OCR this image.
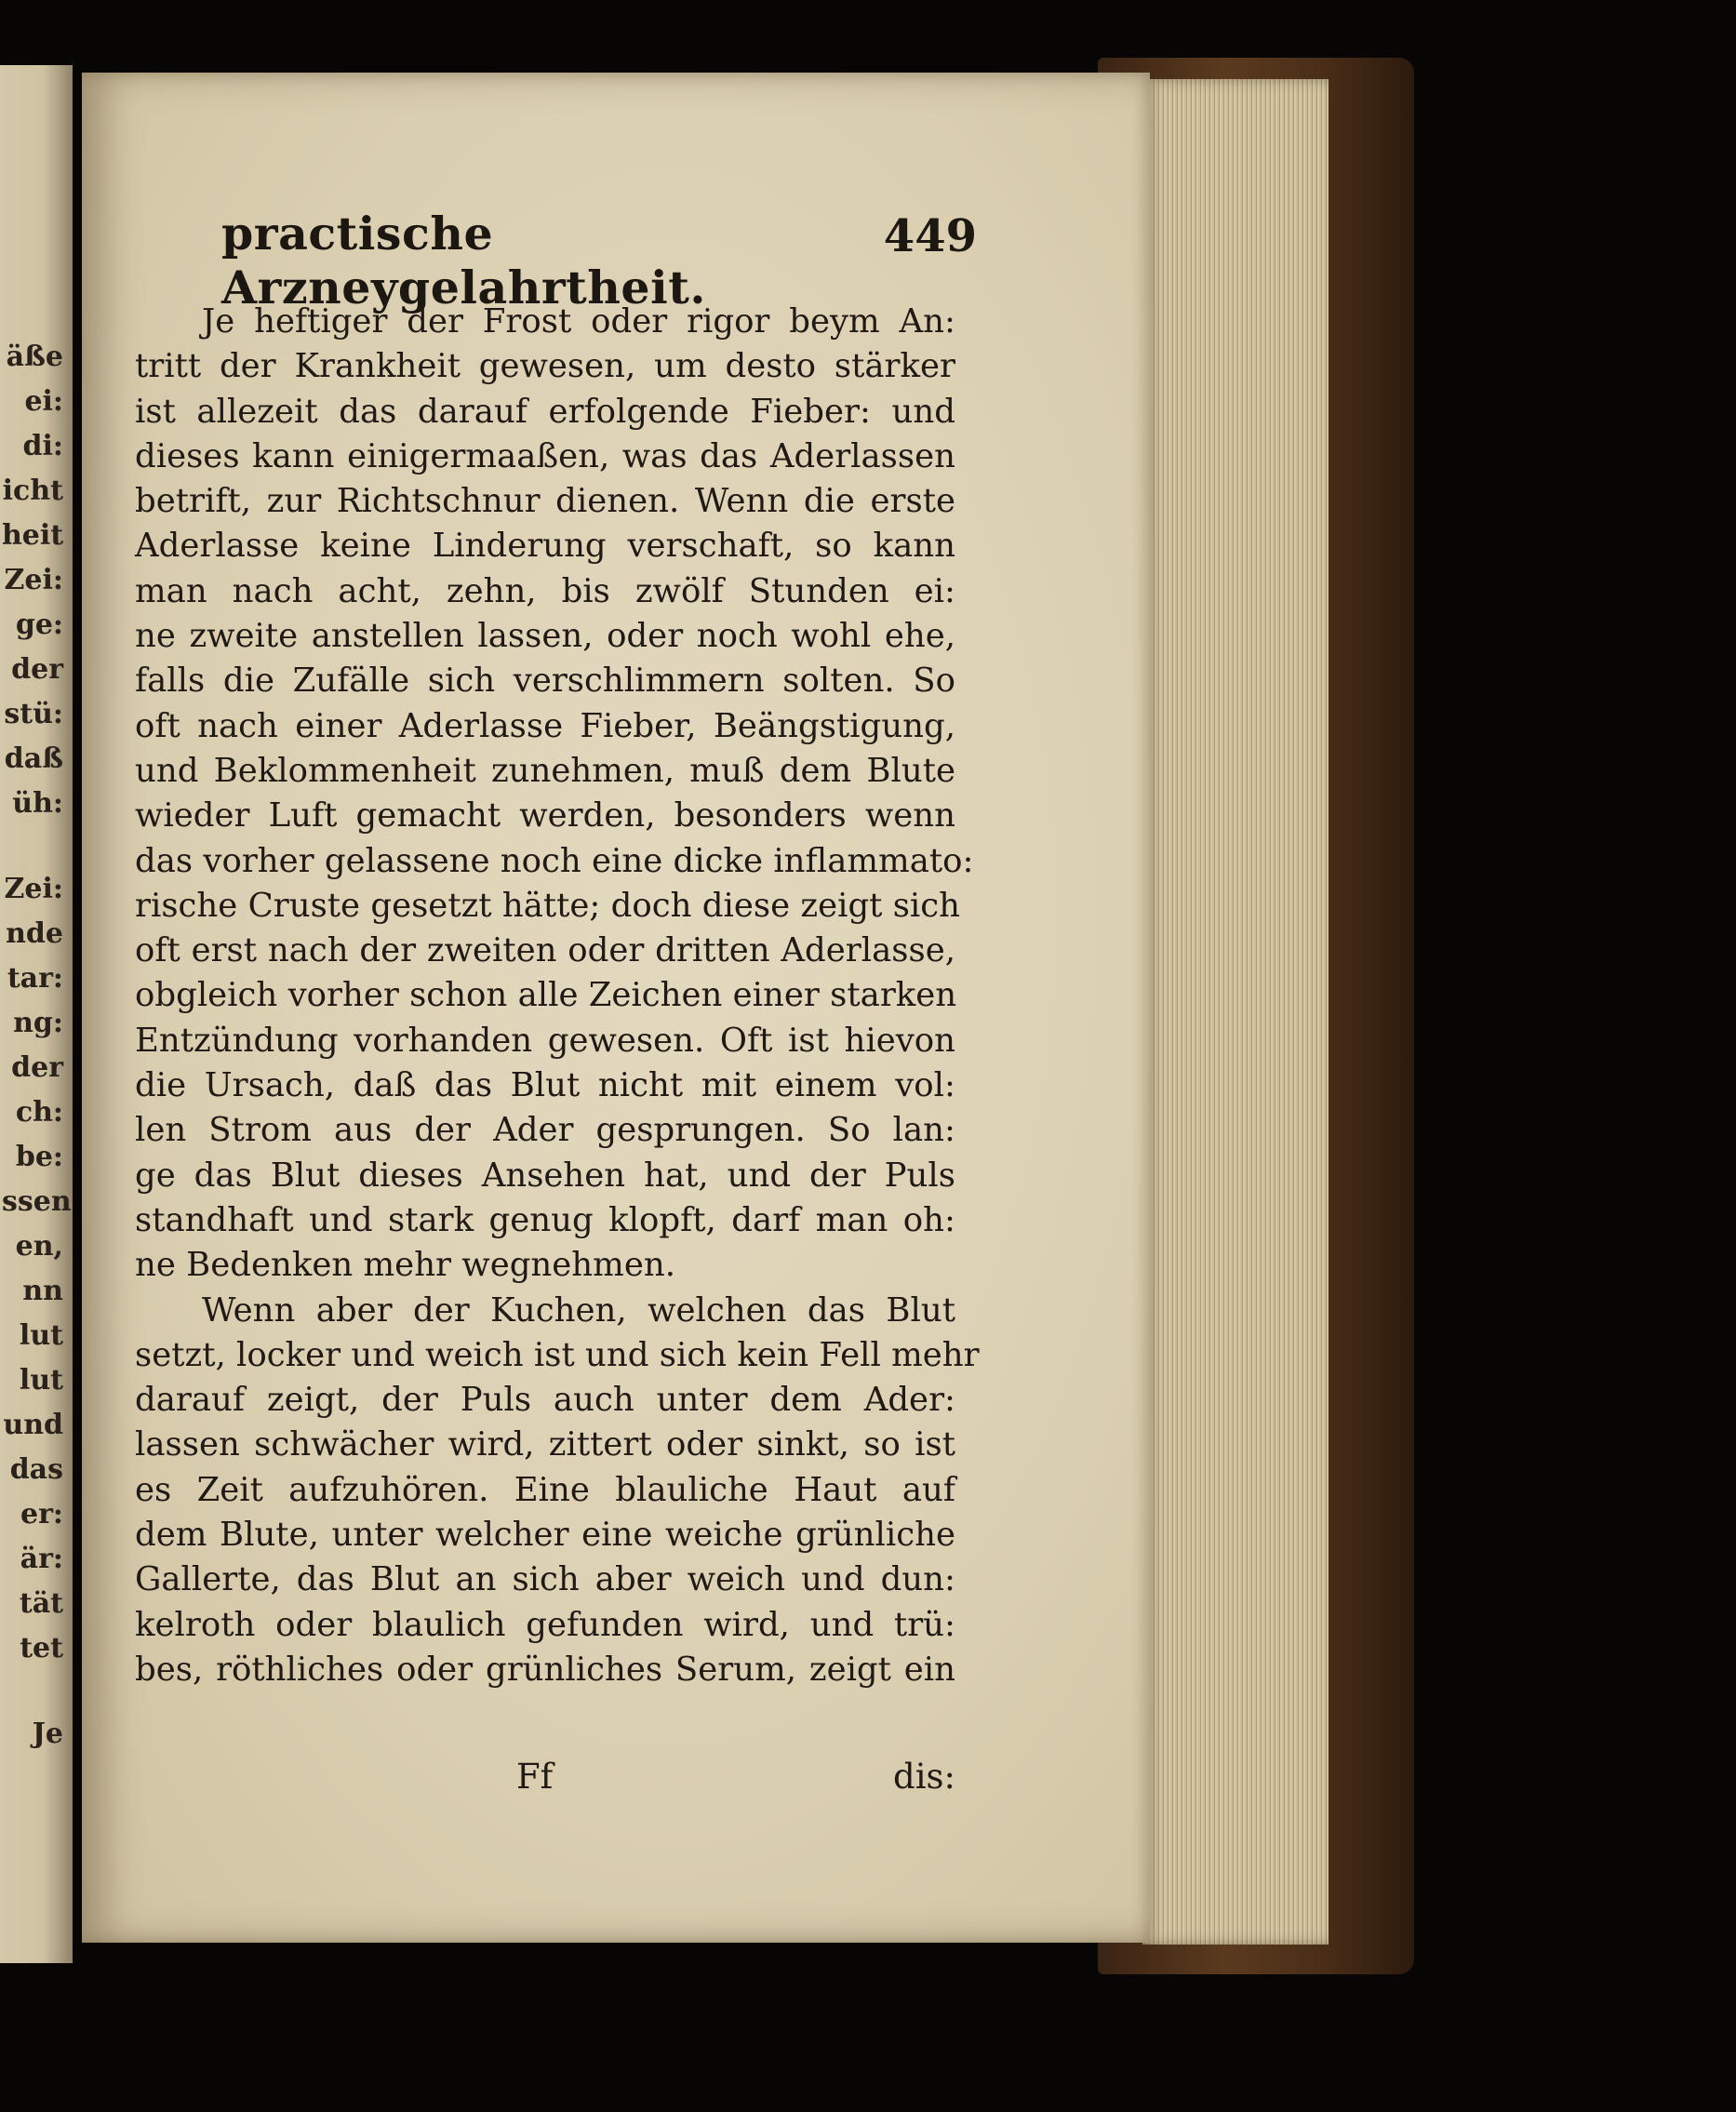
äße
ei:
di:
icht
heit
Zei:
ge:
der
stü:
daß
üh:
Zei:
nde
tar:
ng:
der
ch:
be:
ssen
en,
nn
lut
lut
und
das
er:
är:
tät
tet
Je
practische Arzneygelahrtheit.
449
Je heftiger der Frost oder rigor beym An:
tritt der Krankheit gewesen, um desto stärker
ist allezeit das darauf erfolgende Fieber: und
dieses kann einigermaaßen, was das Aderlassen
betrift, zur Richtschnur dienen. Wenn die erste
Aderlasse keine Linderung verschaft, so kann
man nach acht, zehn, bis zwölf Stunden ei:
ne zweite anstellen lassen, oder noch wohl ehe,
falls die Zufälle sich verschlimmern solten. So
oft nach einer Aderlasse Fieber, Beängstigung,
und Beklommenheit zunehmen, muß dem Blute
wieder Luft gemacht werden, besonders wenn
das vorher gelassene noch eine dicke inflammato:
rische Cruste gesetzt hätte; doch diese zeigt sich
oft erst nach der zweiten oder dritten Aderlasse,
obgleich vorher schon alle Zeichen einer starken
Entzündung vorhanden gewesen. Oft ist hievon
die Ursach, daß das Blut nicht mit einem vol:
len Strom aus der Ader gesprungen. So lan:
ge das Blut dieses Ansehen hat, und der Puls
standhaft und stark genug klopft, darf man oh:
ne Bedenken mehr wegnehmen.
Wenn aber der Kuchen, welchen das Blut
setzt, locker und weich ist und sich kein Fell mehr
darauf zeigt, der Puls auch unter dem Ader:
lassen schwächer wird, zittert oder sinkt, so ist
es Zeit aufzuhören. Eine blauliche Haut auf
dem Blute, unter welcher eine weiche grünliche
Gallerte, das Blut an sich aber weich und dun:
kelroth oder blaulich gefunden wird, und trü:
bes, röthliches oder grünliches Serum, zeigt ein
Ff	dis:
